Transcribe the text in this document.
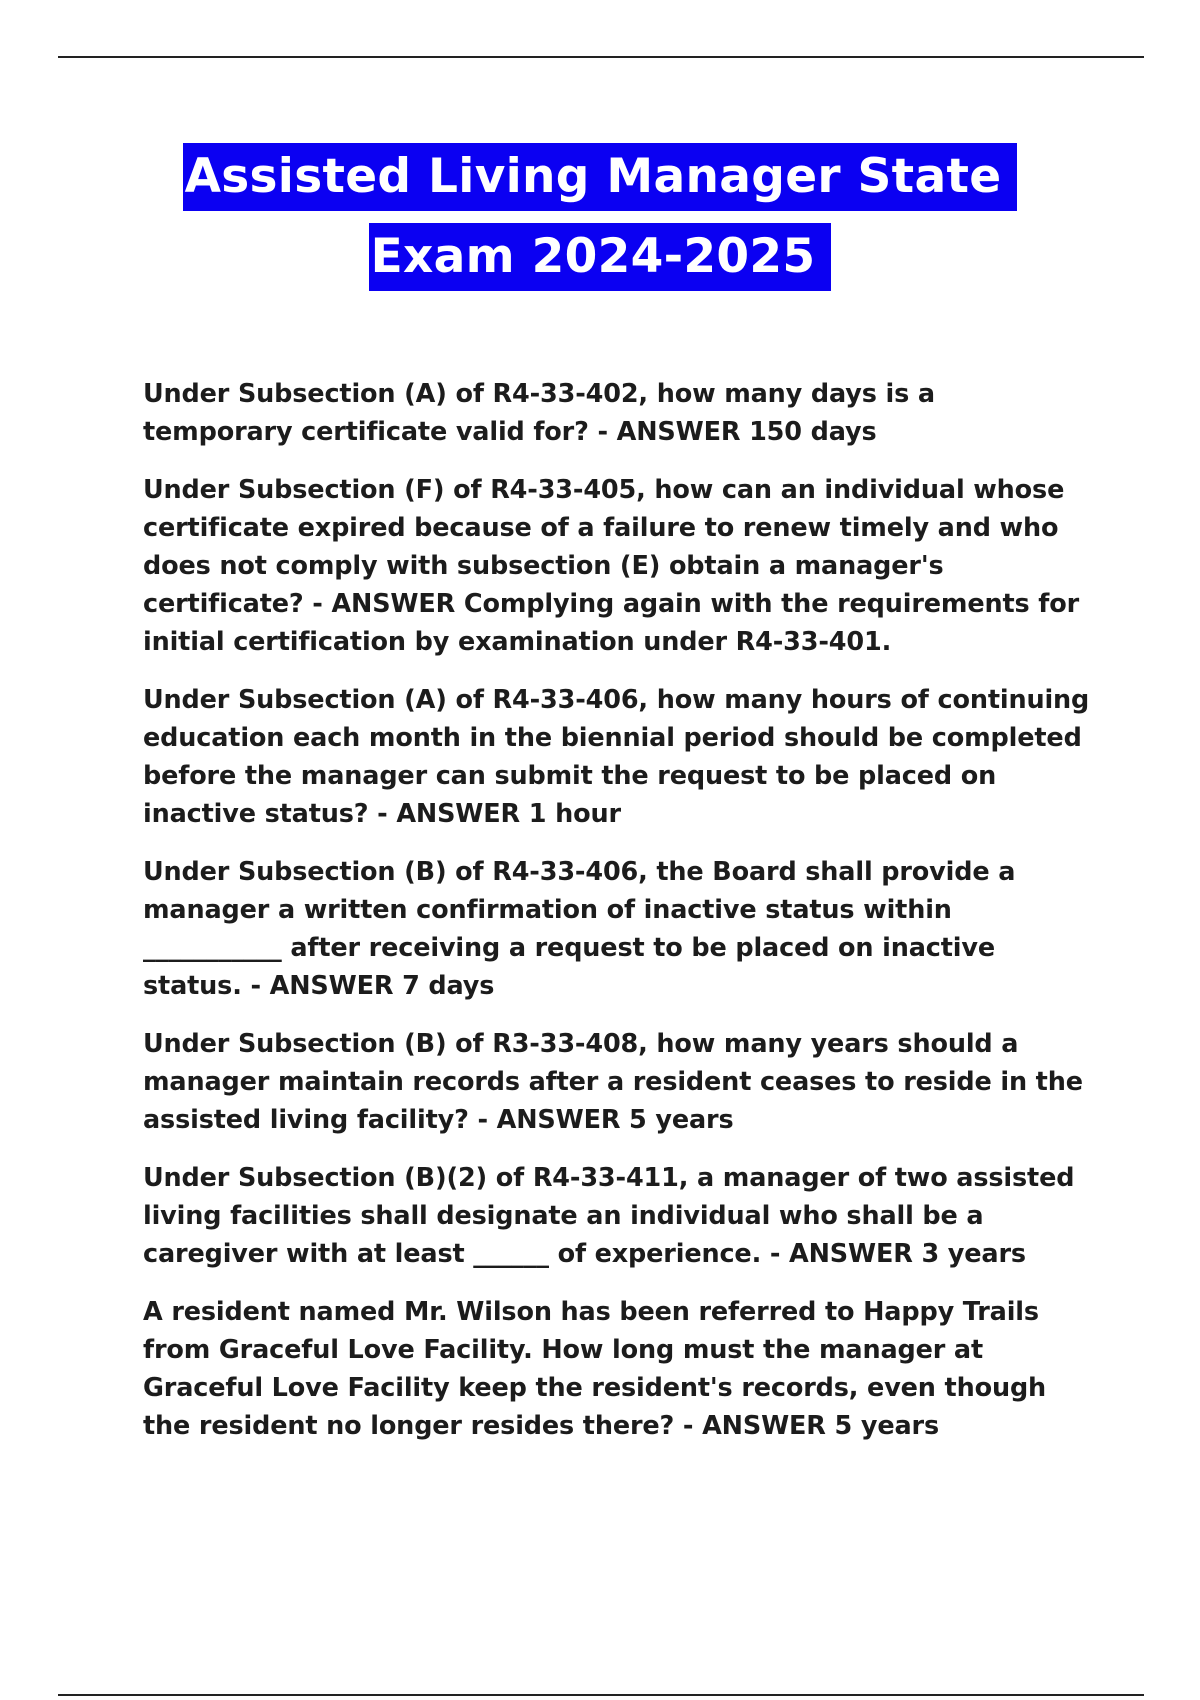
Assisted Living Manager State
Exam 2024-2025

Under Subsection (A) of R4-33-402, how many days is a temporary certificate valid for? - ANSWER 150 days

Under Subsection (F) of R4-33-405, how can an individual whose certificate expired because of a failure to renew timely and who does not comply with subsection (E) obtain a manager's certificate? - ANSWER Complying again with the requirements for initial certification by examination under R4-33-401.

Under Subsection (A) of R4-33-406, how many hours of continuing education each month in the biennial period should be completed before the manager can submit the request to be placed on inactive status? - ANSWER 1 hour

Under Subsection (B) of R4-33-406, the Board shall provide a manager a written confirmation of inactive status within ___________ after receiving a request to be placed on inactive status. - ANSWER 7 days

Under Subsection (B) of R3-33-408, how many years should a manager maintain records after a resident ceases to reside in the assisted living facility? - ANSWER 5 years

Under Subsection (B)(2) of R4-33-411, a manager of two assisted living facilities shall designate an individual who shall be a caregiver with at least ______ of experience. - ANSWER 3 years

A resident named Mr. Wilson has been referred to Happy Trails from Graceful Love Facility. How long must the manager at Graceful Love Facility keep the resident's records, even though the resident no longer resides there? - ANSWER 5 years
